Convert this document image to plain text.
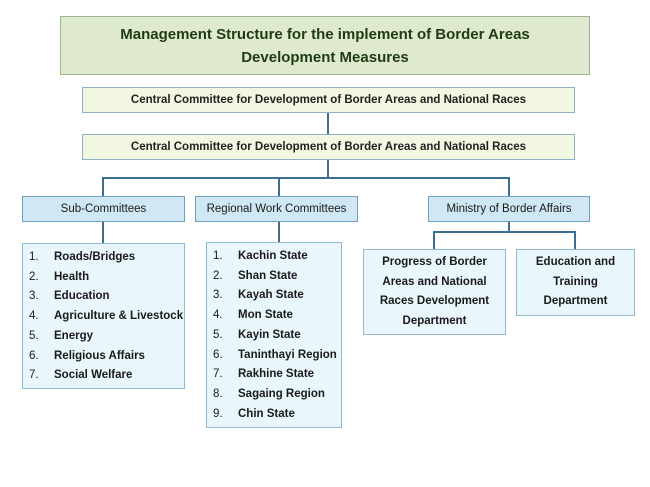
Management Structure for the implement of Border Areas
Development Measures
Central Committee for Development of Border Areas and National Races
Central Committee for Development of Border Areas and National Races
Sub-Committees	Regional Work Committees	Ministry of Border Affairs
1.	Roads/Bridges
2.	Health
3.	Education
4.	Agriculture & Livestock
5.	Energy
6.	Religious Affairs
7.	Social Welfare
1.	Kachin State
2.	Shan State
3.	Kayah State
4.	Mon State
5.	Kayin State
6.	Taninthayi Region
7.	Rakhine State
8.	Sagaing Region
9.	Chin State
Progress of Border
Areas and National
Races Development
Department
Education and
Training
Department
